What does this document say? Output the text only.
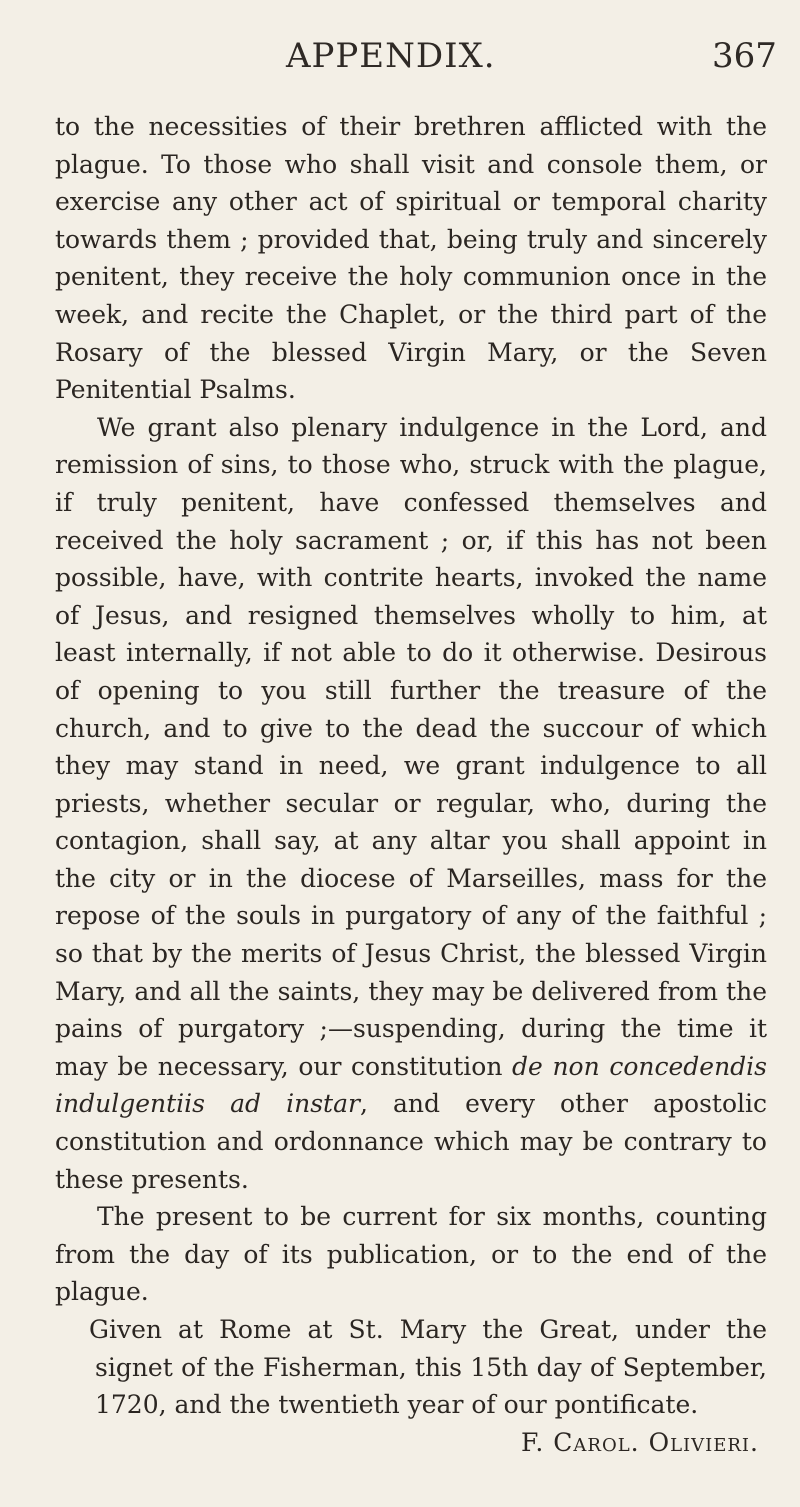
APPENDIX.	367

to the necessities of their brethren afflicted with the plague. To those who shall visit and console them, or exercise any other act of spiritual or temporal charity towards them ; provided that, being truly and sincerely penitent, they receive the holy communion once in the week, and recite the Chaplet, or the third part of the Rosary of the blessed Virgin Mary, or the Seven Penitential Psalms.

We grant also plenary indulgence in the Lord, and remission of sins, to those who, struck with the plague, if truly penitent, have confessed themselves and received the holy sacrament ; or, if this has not been possible, have, with contrite hearts, invoked the name of Jesus, and resigned themselves wholly to him, at least internally, if not able to do it otherwise. Desirous of opening to you still further the treasure of the church, and to give to the dead the succour of which they may stand in need, we grant indulgence to all priests, whether secular or regular, who, during the contagion, shall say, at any altar you shall appoint in the city or in the diocese of Marseilles, mass for the repose of the souls in purgatory of any of the faithful ; so that by the merits of Jesus Christ, the blessed Virgin Mary, and all the saints, they may be delivered from the pains of purgatory ;—suspending, during the time it may be necessary, our constitution de non concedendis indulgentiis ad instar, and every other apostolic constitution and ordonnance which may be contrary to these presents.

The present to be current for six months, counting from the day of its publication, or to the end of the plague.

Given at Rome at St. Mary the Great, under the signet of the Fisherman, this 15th day of September, 1720, and the twentieth year of our pontificate.

F. Carol. Olivieri.
